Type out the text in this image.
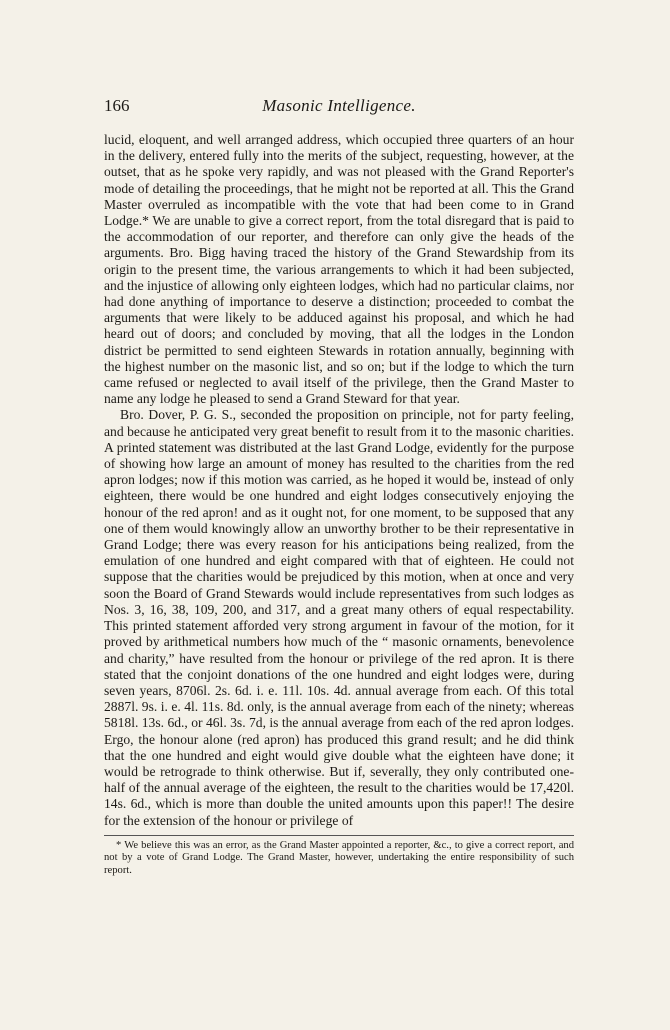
166	Masonic Intelligence.

lucid, eloquent, and well arranged address, which occupied three quarters of an hour in the delivery, entered fully into the merits of the subject, requesting, however, at the outset, that as he spoke very rapidly, and was not pleased with the Grand Reporter's mode of detailing the proceedings, that he might not be reported at all. This the Grand Master overruled as incompatible with the vote that had been come to in Grand Lodge.* We are unable to give a correct report, from the total disregard that is paid to the accommodation of our reporter, and therefore can only give the heads of the arguments. Bro. Bigg having traced the history of the Grand Stewardship from its origin to the present time, the various arrangements to which it had been subjected, and the injustice of allowing only eighteen lodges, which had no particular claims, nor had done anything of importance to deserve a distinction; proceeded to combat the arguments that were likely to be adduced against his proposal, and which he had heard out of doors; and concluded by moving, that all the lodges in the London district be permitted to send eighteen Stewards in rotation annually, beginning with the highest number on the masonic list, and so on; but if the lodge to which the turn came refused or neglected to avail itself of the privilege, then the Grand Master to name any lodge he pleased to send a Grand Steward for that year.

Bro. Dover, P. G. S., seconded the proposition on principle, not for party feeling, and because he anticipated very great benefit to result from it to the masonic charities. A printed statement was distributed at the last Grand Lodge, evidently for the purpose of showing how large an amount of money has resulted to the charities from the red apron lodges; now if this motion was carried, as he hoped it would be, instead of only eighteen, there would be one hundred and eight lodges consecutively enjoying the honour of the red apron! and as it ought not, for one moment, to be supposed that any one of them would knowingly allow an unworthy brother to be their representative in Grand Lodge; there was every reason for his anticipations being realized, from the emulation of one hundred and eight compared with that of eighteen. He could not suppose that the charities would be prejudiced by this motion, when at once and very soon the Board of Grand Stewards would include representatives from such lodges as Nos. 3, 16, 38, 109, 200, and 317, and a great many others of equal respectability. This printed statement afforded very strong argument in favour of the motion, for it proved by arithmetical numbers how much of the “ masonic ornaments, benevolence and charity,” have resulted from the honour or privilege of the red apron. It is there stated that the conjoint donations of the one hundred and eight lodges were, during seven years, 8706l. 2s. 6d. i. e. 11l. 10s. 4d. annual average from each. Of this total 2887l. 9s. i. e. 4l. 11s. 8d. only, is the annual average from each of the ninety; whereas 5818l. 13s. 6d., or 46l. 3s. 7d, is the annual average from each of the red apron lodges. Ergo, the honour alone (red apron) has produced this grand result; and he did think that the one hundred and eight would give double what the eighteen have done; it would be retrograde to think otherwise. But if, severally, they only contributed one-half of the annual average of the eighteen, the result to the charities would be 17,420l. 14s. 6d., which is more than double the united amounts upon this paper!! The desire for the extension of the honour or privilege of

* We believe this was an error, as the Grand Master appointed a reporter, &c., to give a correct report, and not by a vote of Grand Lodge. The Grand Master, however, undertaking the entire responsibility of such report.
